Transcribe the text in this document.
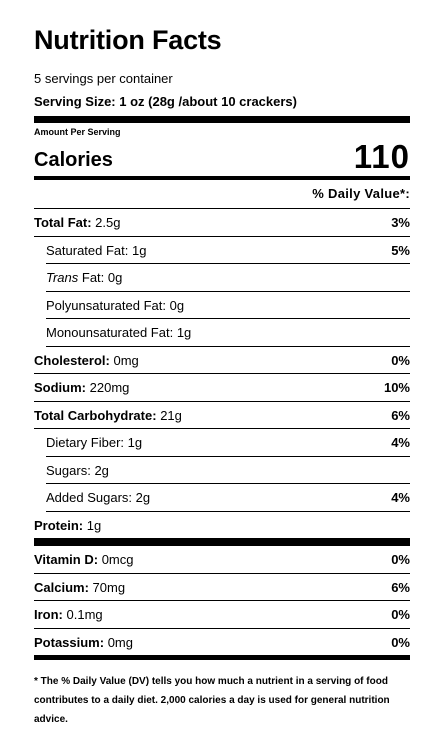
Nutrition Facts
5 servings per container
Serving Size: 1 oz (28g /about 10 crackers)
Amount Per Serving
Calories	110
% Daily Value*:
Total Fat: 2.5g	3%
Saturated Fat: 1g	5%
Trans Fat: 0g
Polyunsaturated Fat: 0g
Monounsaturated Fat: 1g
Cholesterol: 0mg	0%
Sodium: 220mg	10%
Total Carbohydrate: 21g	6%
Dietary Fiber: 1g	4%
Sugars: 2g
Added Sugars: 2g	4%
Protein: 1g
Vitamin D: 0mcg	0%
Calcium: 70mg	6%
Iron: 0.1mg	0%
Potassium: 0mg	0%
* The % Daily Value (DV) tells you how much a nutrient in a serving of food contributes to a daily diet. 2,000 calories a day is used for general nutrition advice.
